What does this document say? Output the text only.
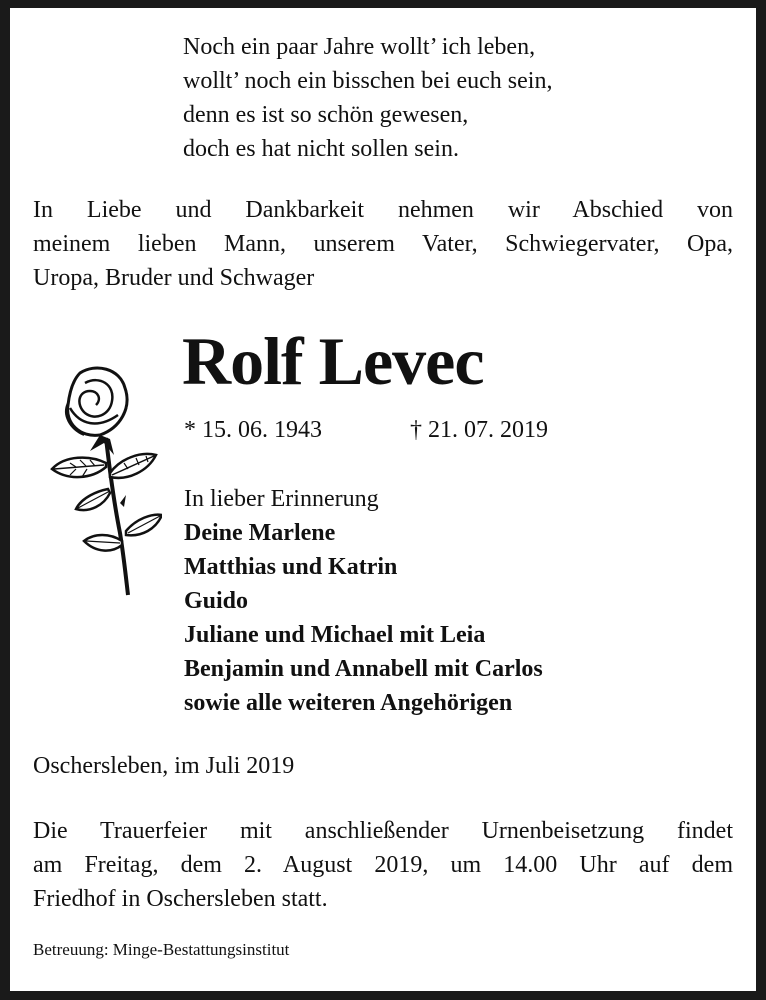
Noch ein paar Jahre wollt’ ich leben,
wollt’ noch ein bisschen bei euch sein,
denn es ist so schön gewesen,
doch es hat nicht sollen sein.
In Liebe und Dankbarkeit nehmen wir Abschied von
meinem lieben Mann, unserem Vater, Schwiegervater, Opa,
Uropa, Bruder und Schwager
Rolf Levec
* 15. 06. 1943	† 21. 07. 2019
In lieber Erinnerung
Deine Marlene
Matthias und Katrin
Guido
Juliane und Michael mit Leia
Benjamin und Annabell mit Carlos
sowie alle weiteren Angehörigen
Oschersleben, im Juli 2019
Die Trauerfeier mit anschließender Urnenbeisetzung findet
am Freitag, dem 2. August 2019, um 14.00 Uhr auf dem
Friedhof in Oschersleben statt.
Betreuung: Minge-Bestattungsinstitut
